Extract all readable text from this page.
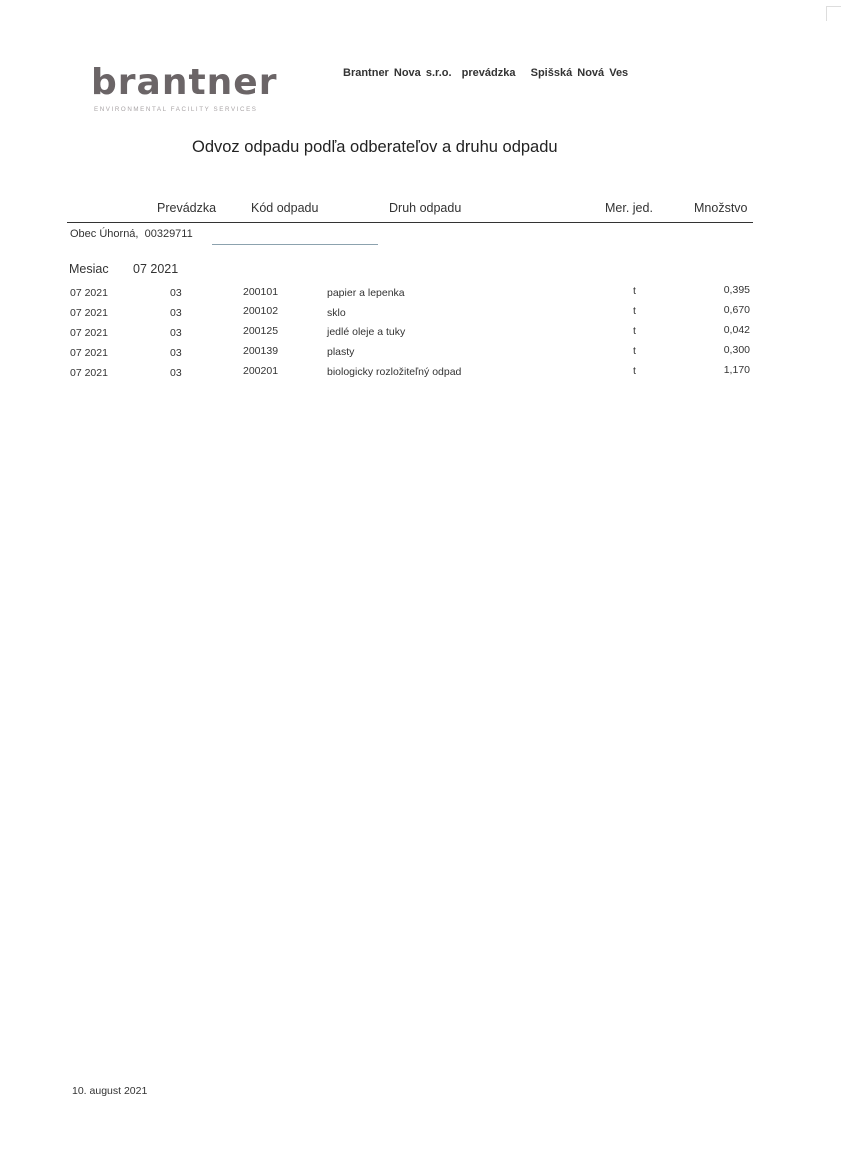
brantner
ENVIRONMENTAL FACILITY SERVICES
Brantner Nova s.r.o.  prevádzka   Spišská Nová Ves
Odvoz odpadu podľa odberateľov a druhu odpadu
Prevádzka	Kód odpadu	Druh odpadu	Mer. jed.	Množstvo
Obec Úhorná,  00329711
Mesiac 07 2021
07 2021	03	200101	papier a lepenka	t	0,395
07 2021	03	200102	sklo	t	0,670
07 2021	03	200125	jedlé oleje a tuky	t	0,042
07 2021	03	200139	plasty	t	0,300
07 2021	03	200201	biologicky rozložiteľný odpad	t	1,170
10. august 2021
